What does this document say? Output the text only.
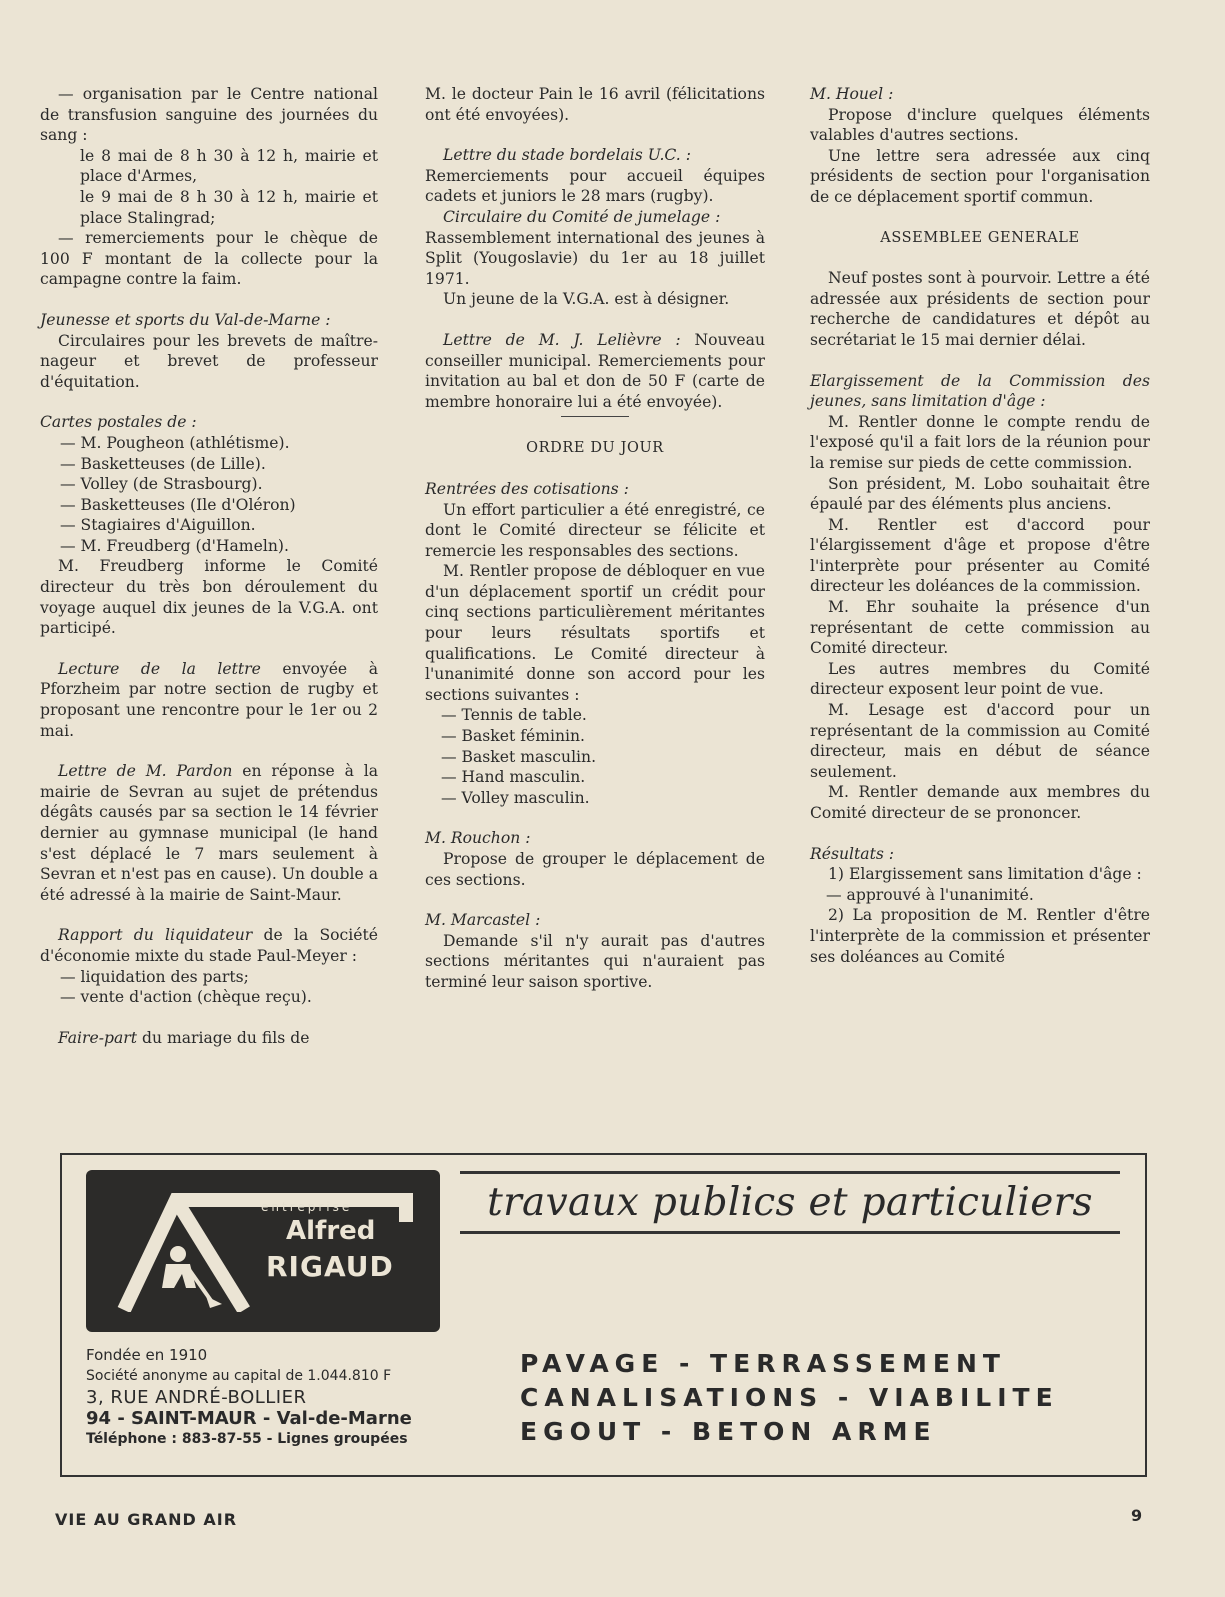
— organisation par le Centre national de transfusion sanguine des journées du sang :

le 8 mai de 8 h 30 à 12 h, mairie et place d'Armes,

le 9 mai de 8 h 30 à 12 h, mairie et place Stalingrad;

— remerciements pour le chèque de 100 F montant de la collecte pour la campagne contre la faim.

Jeunesse et sports du Val-de-Marne :

Circulaires pour les brevets de maître-nageur et brevet de professeur d'équitation.

Cartes postales de :

— M. Pougheon (athlétisme).

— Basketteuses (de Lille).

— Volley (de Strasbourg).

— Basketteuses (Ile d'Oléron)

— Stagiaires d'Aiguillon.

— M. Freudberg (d'Hameln).

M. Freudberg informe le Comité directeur du très bon déroulement du voyage auquel dix jeunes de la V.G.A. ont participé.

Lecture de la lettre envoyée à Pforzheim par notre section de rugby et proposant une rencontre pour le 1er ou 2 mai.

Lettre de M. Pardon en réponse à la mairie de Sevran au sujet de prétendus dégâts causés par sa section le 14 février dernier au gymnase municipal (le hand s'est déplacé le 7 mars seulement à Sevran et n'est pas en cause). Un double a été adressé à la mairie de Saint-Maur.

Rapport du liquidateur de la Société d'économie mixte du stade Paul-Meyer :

— liquidation des parts;

— vente d'action (chèque reçu).

Faire-part du mariage du fils de

M. le docteur Pain le 16 avril (félicitations ont été envoyées).

Lettre du stade bordelais U.C. :

Remerciements pour accueil équipes cadets et juniors le 28 mars (rugby).

Circulaire du Comité de jumelage :

Rassemblement international des jeunes à Split (Yougoslavie) du 1er au 18 juillet 1971.

Un jeune de la V.G.A. est à désigner.

Lettre de M. J. Lelièvre : Nouveau conseiller municipal. Remerciements pour invitation au bal et don de 50 F (carte de membre honoraire lui a été envoyée).

ORDRE DU JOUR

Rentrées des cotisations :

Un effort particulier a été enregistré, ce dont le Comité directeur se félicite et remercie les responsables des sections.

M. Rentler propose de débloquer en vue d'un déplacement sportif un crédit pour cinq sections particulièrement méritantes pour leurs résultats sportifs et qualifications. Le Comité directeur à l'unanimité donne son accord pour les sections suivantes :

— Tennis de table.

— Basket féminin.

— Basket masculin.

— Hand masculin.

— Volley masculin.

M. Rouchon :

Propose de grouper le déplacement de ces sections.

M. Marcastel :

Demande s'il n'y aurait pas d'autres sections méritantes qui n'auraient pas terminé leur saison sportive.

M. Houel :

Propose d'inclure quelques éléments valables d'autres sections.

Une lettre sera adressée aux cinq présidents de section pour l'organisation de ce déplacement sportif commun.

ASSEMBLEE GENERALE

Neuf postes sont à pourvoir. Lettre a été adressée aux présidents de section pour recherche de candidatures et dépôt au secrétariat le 15 mai dernier délai.

Elargissement de la Commission des jeunes, sans limitation d'âge :

M. Rentler donne le compte rendu de l'exposé qu'il a fait lors de la réunion pour la remise sur pieds de cette commission.

Son président, M. Lobo souhaitait être épaulé par des éléments plus anciens.

M. Rentler est d'accord pour l'élargissement d'âge et propose d'être l'interprète pour présenter au Comité directeur les doléances de la commission.

M. Ehr souhaite la présence d'un représentant de cette commission au Comité directeur.

Les autres membres du Comité directeur exposent leur point de vue.

M. Lesage est d'accord pour un représentant de la commission au Comité directeur, mais en début de séance seulement.

M. Rentler demande aux membres du Comité directeur de se prononcer.

Résultats :

1) Elargissement sans limitation d'âge :

— approuvé à l'unanimité.

2) La proposition de M. Rentler d'être l'interprète de la commission et présenter ses doléances au Comité

entreprise
Alfred
RIGAUD
travaux publics et particuliers
Fondée en 1910
Société anonyme au capital de 1.044.810 F
3, RUE ANDRÉ-BOLLIER
94 - SAINT-MAUR - Val-de-Marne
Téléphone : 883-87-55 - Lignes groupées
PAVAGE - TERRASSEMENT
CANALISATIONS - VIABILITE
EGOUT - BETON ARME
VIE AU GRAND AIR	9
